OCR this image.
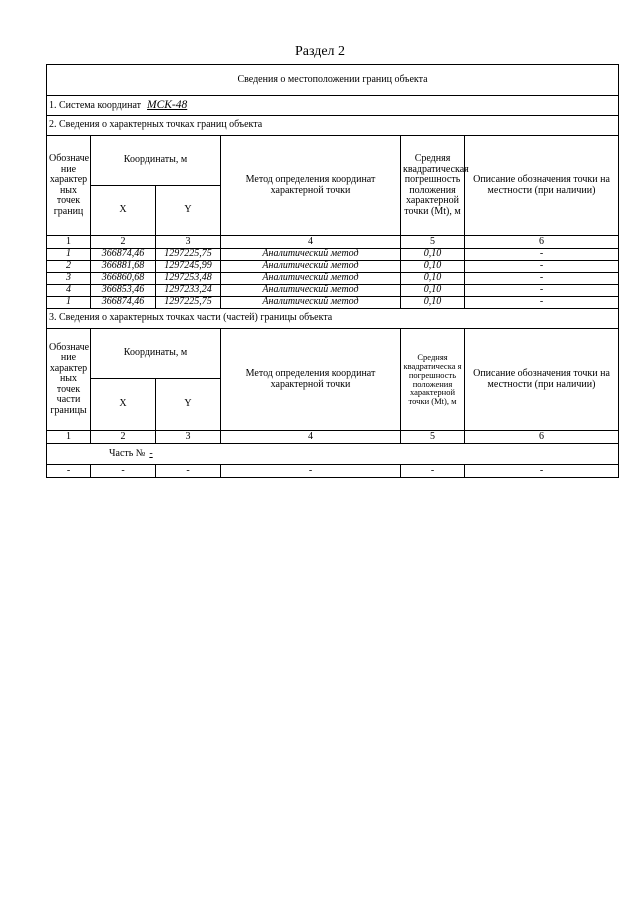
Раздел 2
Сведения о местоположении границ объекта					
1. Система координат МСК-48					
2. Сведения о характерных точках границ объекта					
Обозначе ние характер ных точек границ	Координаты, м		Метод определения координат характерной точки	Средняя квадратическая погрешность положения характерной точки (Mt), м	Описание обозначения точки на местности (при наличии)
	X	Y			
1	2	3	4	5	6
1	366874,46	1297225,75	Аналитический метод	0,10	-
2	366881,68	1297245,99	Аналитический метод	0,10	-
3	366860,68	1297253,48	Аналитический метод	0,10	-
4	366853,46	1297233,24	Аналитический метод	0,10	-
1	366874,46	1297225,75	Аналитический метод	0,10	-
3. Сведения о характерных точках части (частей) границы объекта					
Обозначе ние характер ных точек части границы	Координаты, м		Метод определения координат характерной точки	Средняя квадратическа я погрешность положения характерной точки (Mt), м	Описание обозначения точки на местности (при наличии)
	X	Y			
1	2	3	4	5	6
Часть № -					
-	-	-	-	-	-
